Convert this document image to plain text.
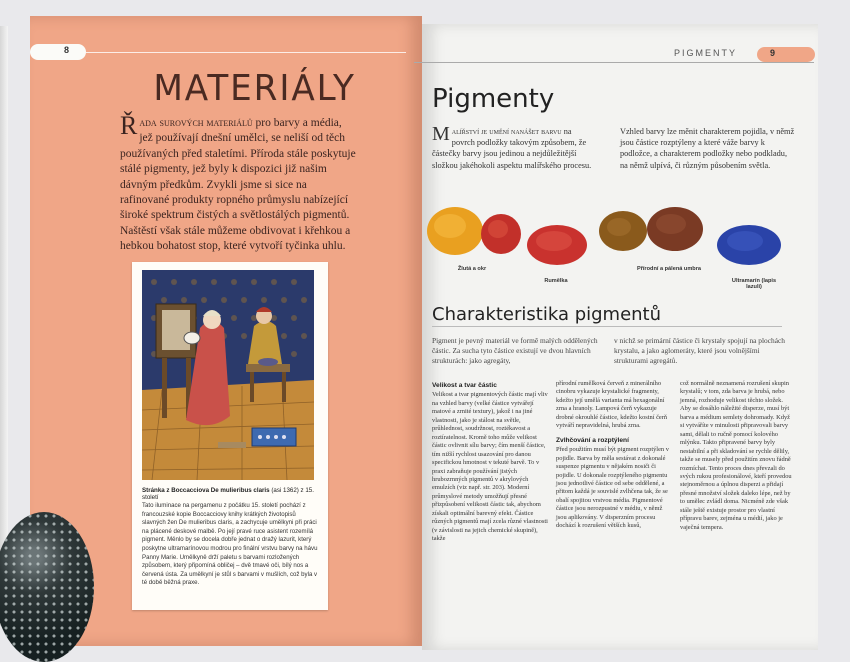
8
MATERIÁLY
Řada surových materiálů pro barvy a média, jež používají dnešní umělci, se neliší od těch používaných před staletími. Příroda stále poskytuje stálé pigmenty, jež byly k dispozici již našim dávným předkům. Zvykli jsme si sice na rafinované produkty ropného průmyslu nabízející široké spektrum čistých a světlostálých pigmentů. Naštěstí však stále můžeme obdivovat i křehkou a hebkou bohatost stop, které vytvoří tyčinka uhlu.
Stránka z Boccacciova De mulieribus claris (asi 1362) z 15. století
Tato iluminace na pergamenu z počátku 15. století pochází z francouzské kopie Boccacciovy knihy krátkých životopisů slavných žen De mulieribus claris, a zachycuje umělkyni při práci na plácené deskové malbě. Po její pravé ruce asistent rozemílá pigment. Měnlo by se docela dobře jednat o dražý lazurit, který poskytne ultramarínovou modrou pro finální vrstvu barvy na hávu Panny Marie. Umělkyně drží paletu s barvami rozložených způsobem, který připomíná obličej – dvě tmavé oči, bílý nos a červená ústa. Za umělkyní je stůl s barvami v mušlích, což byla v té době běžná praxe.
PIGMENTY	9
Pigmenty
Malířství je umění nanášet barvu na povrch podložky takovým způsobem, že částečky barvy jsou jedinou a nejdůležitější složkou jakéhokoli aspektu malířského procesu.
Vzhled barvy lze měnit charakterem pojidla, v němž jsou částice rozptýleny a které váže barvy k podložce, a charakterem podložky nebo podkladu, na němž ulpívá, či různým působením světla.
Žlutá a okr
Rumělka
Přírodní a pálená umbra
Ultramarín (lapis lazuli)
Charakteristika pigmentů
Pigment je pevný materiál ve formě malých oddělených částic. Za sucha tyto částice existují ve dvou hlavních strukturách: jako agregáty,
v nichž se primární částice či krystaly spojují na plochách krystalu, a jako aglomeráty, které jsou volnějšími strukturami agregátů.
Velikost a tvar částic
Velikost a tvar pigmentových částic mají vliv na vzhled barvy (velké částice vytvářejí matové a zrnité textury), jakož i na jiné vlastnosti, jako je stálost na světle, průhlednost, soudržnost, roztékavost a roztíratelnost. Kromě toho může velikost částic ovlivnit sílu barvy; čím menší částice, tím nižší rychlost usazování pro danou specifickou hmotnost v tekuté barvě. To v praxi zabraňuje používání jistých hrubozrnných pigmentů v akrylových emulzích (viz např. str. 203). Moderní průmyslové metody umožňují přesné přizpůsobení velikosti částic tak, abychom získali optimální barevný efekt. Částice různých pigmentů mají zcela různé vlastnosti (v závislosti na jejich chemické skupině), takže
přírodní rumělková červeň z minerálního cinobru vykazuje krystalické fragmenty, kdežto její umělá varianta má hexagonální zrna a hranoly. Lampová čerň vykazuje drobné okrouhlé částice, kdežto kostní čerň vytváří nepravidelná, hrubá zrna.
Zvlhčování a rozptýlení
Před použitím musí být pigment rozptýlen v pojidle. Barva by měla sestávat z dokonalé suspenze pigmentu v nějakém nosiči či pojidle. U dokonale rozptýleného pigmentu jsou jednotlivé částice od sebe oddělené, a přitom každá je souvislé zvlhčena tak, že se obalí spojitou vrstvou média. Pigmentové částice jsou nerozpustné v médiu, v němž jsou aplikovány. V disperzním procesu dochází k rozrušení větších kusů,
což normálně neznamená rozrušení skupin krystalů; v tom, zda barva je hrubá, nebo jemná, rozhoduje velikost těchto složek. Aby se dosáhlo náležité disperze, musí být barva a médium semlety dohromady. Když si vytváříte v minulosti připravovali barvy sami, dělali to ručně pomocí kolového mlýnku. Takto připravené barvy byly nestabilní a při skladování se rychle dělily, takže se musely před použitím znovu řádně rozmíchat. Tento proces dnes převzali do svých rukou profesionálové, kteří provedou stejnoměrnou a úplnou disperzi a přidají přesné množství složek daleko lépe, než by to umělec zvládl doma. Nicméně zde však stále ještě existuje prostor pro vlastní přípravu barev, zejména u médií, jako je vaječná tempera.
